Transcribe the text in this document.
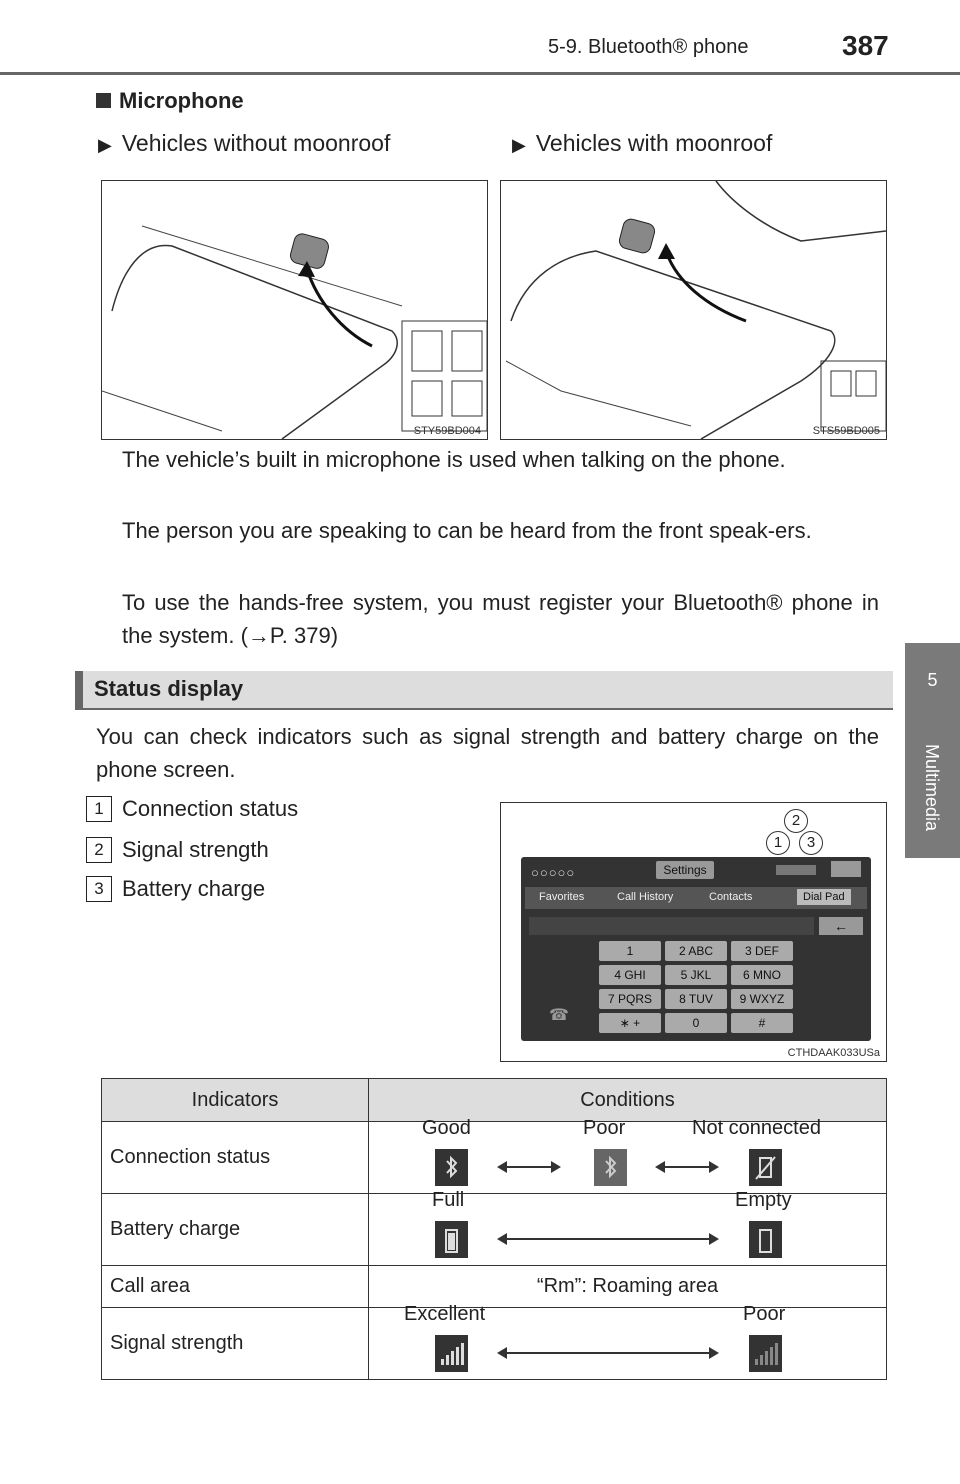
5-9. Bluetooth® phone	387
5
Multimedia
Microphone
▶ Vehicles without moonroof	▶ Vehicles with moonroof
STY59BD004	STS59BD005
The vehicle’s built in microphone is used when talking on the phone.
The person you are speaking to can be heard from the front speak-ers.
To use the hands-free system, you must register your Bluetooth® phone in the system. (→P. 379)
Status display
You can check indicators such as signal strength and battery charge on the phone screen.
1 Connection status
2 Signal strength
3 Battery charge
2
1	3
○○○○○	Settings
Favorites	Call History	Contacts	Dial Pad
←
1	2 ABC	3 DEF
4 GHI	5 JKL	6 MNO
7 PQRS	8 TUV	9 WXYZ
∗ +	0	#
☎
CTHDAAK033USa
Indicators	Conditions
Connection status	Good Poor Not connected

Battery charge	Full Empty

Call area	“Rm”: Roaming area
Signal strength	Excellent Poor
